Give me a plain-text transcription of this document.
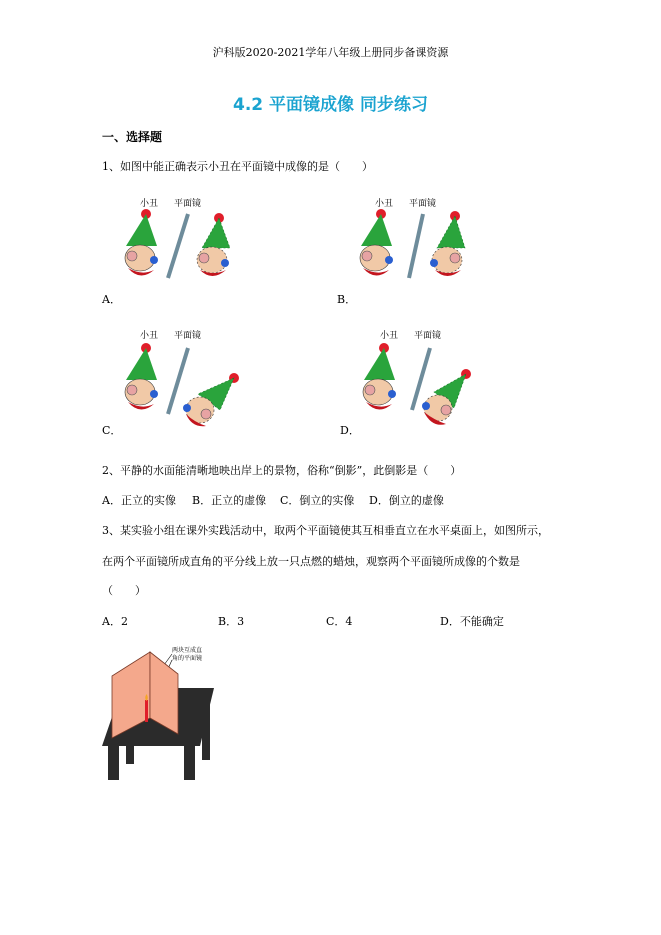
沪科版2020-2021学年八年级上册同步备课资源
4.2 平面镜成像 同步练习
一、选择题
1、如图中能正确表示小丑在平面镜中成像的是（　　）
小丑 平面镜
A．
小丑 平面镜
B．
小丑 平面镜
C．
小丑 平面镜
D．
2、平静的水面能清晰地映出岸上的景物，俗称“倒影”，此倒影是（　　）
A．正立的实像 B．正立的虚像 C．倒立的实像 D．倒立的虚像
3、某实验小组在课外实践活动中，取两个平面镜使其互相垂直立在水平桌面上，如图所示，
在两个平面镜所成直角的平分线上放一只点燃的蜡烛，观察两个平面镜所成像的个数是
（　　）
A．2	B．3	C．4	D．不能确定
两块互成直
角的平面镜
